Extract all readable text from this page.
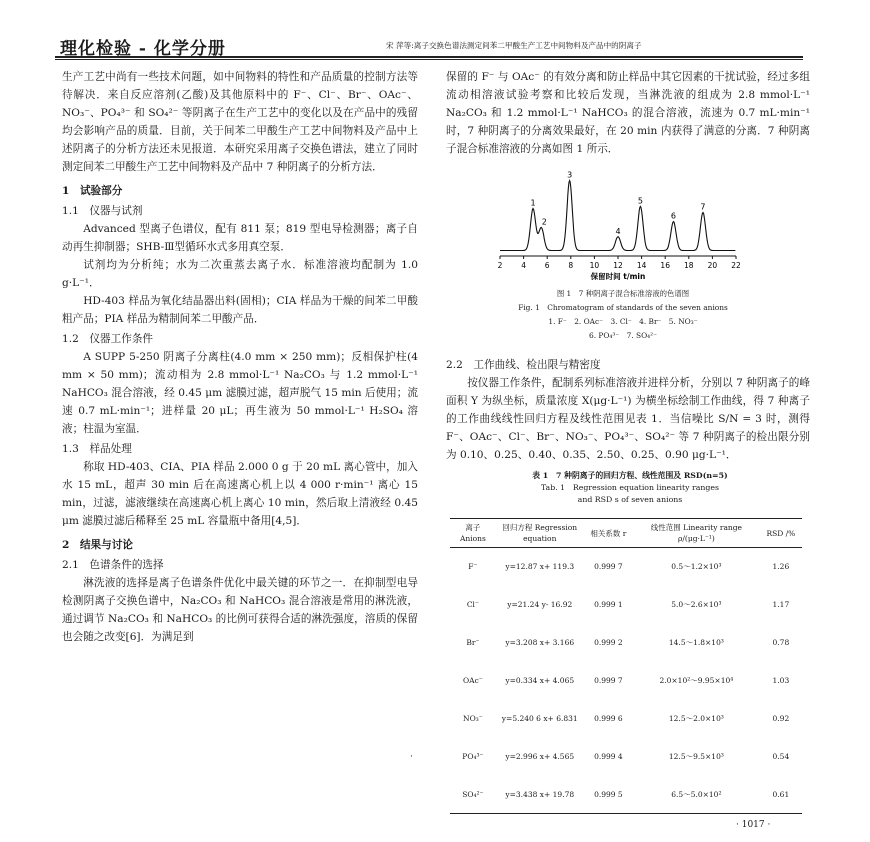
理化检验 - 化学分册	宋 萍等:离子交换色谱法测定间苯二甲酸生产工艺中间物料及产品中的阴离子

生产工艺中尚有一些技术问题，如中间物料的特性和产品质量的控制方法等待解决．来自反应溶剂(乙酸)及其他原料中的 F⁻、Cl⁻、Br⁻、OAc⁻、NO₃⁻、PO₄³⁻ 和 SO₄²⁻ 等阴离子在生产工艺中的变化以及在产品中的残留均会影响产品的质量．目前，关于间苯二甲酸生产工艺中间物料及产品中上述阴离子的分析方法还未见报道．本研究采用离子交换色谱法，建立了同时测定间苯二甲酸生产工艺中间物料及产品中 7 种阴离子的分析方法．

1　试验部分
1.1　仪器与试剂

Advanced 型离子色谱仪，配有 811 泵；819 型电导检测器；离子自动再生抑制器；SHB-Ⅲ型循环水式多用真空泵．

试剂均为分析纯；水为二次重蒸去离子水．标准溶液均配制为 1.0 g·L⁻¹．

HD-403 样品为氧化结晶器出料(固相)；CIA 样品为干燥的间苯二甲酸粗产品；PIA 样品为精制间苯二甲酸产品．

1.2　仪器工作条件

A SUPP 5-250 阴离子分离柱(4.0 mm × 250 mm)；反相保护柱(4 mm × 50 mm)；流动相为 2.8 mmol·L⁻¹ Na₂CO₃ 与 1.2 mmol·L⁻¹ NaHCO₃ 混合溶液，经 0.45 μm 滤膜过滤，超声脱气 15 min 后使用；流速 0.7 mL·min⁻¹；进样量 20 μL；再生液为 50 mmol·L⁻¹ H₂SO₄ 溶液；柱温为室温．

1.3　样品处理

称取 HD-403、CIA、PIA 样品 2.000 0 g 于 20 mL 离心管中，加入水 15 mL，超声 30 min 后在高速离心机上以 4 000 r·min⁻¹ 离心 15 min，过滤，滤液继续在高速离心机上离心 10 min，然后取上清液经 0.45 μm 滤膜过滤后稀释至 25 mL 容量瓶中备用[4,5]．

2　结果与讨论
2.1　色谱条件的选择

淋洗液的选择是离子色谱条件优化中最关键的环节之一．在抑制型电导检测阴离子交换色谱中，Na₂CO₃ 和 NaHCO₃ 混合溶液是常用的淋洗液，通过调节 Na₂CO₃ 和 NaHCO₃ 的比例可获得合适的淋洗强度，溶质的保留也会随之改变[6]．为满足到

保留的 F⁻ 与 OAc⁻ 的有效分离和防止样品中其它因素的干扰试验，经过多组流动相溶液试验考察和比较后发现，当淋洗液的组成为 2.8 mmol·L⁻¹ Na₂CO₃ 和 1.2 mmol·L⁻¹ NaHCO₃ 的混合溶液，流速为 0.7 mL·min⁻¹ 时，7 种阴离子的分离效果最好，在 20 min 内获得了满意的分离．7 种阴离子混合标准溶液的分离如图 1 所示．

2	4	6	8 10 12 14 16 18 20 22
保留时间 t/min
1
2
3
4
5
6
7
图 1　7 种阴离子混合标准溶液的色谱图
Fig. 1　Chromatogram of standards of the seven anions
1. F⁻　2. OAc⁻　3. Cl⁻　4. Br⁻　5. NO₃⁻
6. PO₄³⁻　7. SO₄²⁻
2.2　工作曲线、检出限与精密度

按仪器工作条件，配制系列标准溶液并进样分析，分别以 7 种阴离子的峰面积 Y 为纵坐标，质量浓度 X(μg·L⁻¹) 为横坐标绘制工作曲线，得 7 种离子的工作曲线线性回归方程及线性范围见表 1．当信噪比 S/N = 3 时，测得 F⁻、OAc⁻、Cl⁻、Br⁻、NO₃⁻、PO₄³⁻、SO₄²⁻ 等 7 种阴离子的检出限分别为 0.10、0.25、0.40、0.35、2.50、0.25、0.90 μg·L⁻¹．

表 1　7 种阴离子的回归方程、线性范围及 RSD(n=5)
Tab. 1　Regression equation linearity ranges
and RSD s of seven anions
离子 Anions	回归方程 Regression equation	相关系数 r	线性范围 Linearity range ρ/(μg·L⁻¹)	RSD /%
F⁻	y=12.87 x+ 119.3	0.999 7	0.5～1.2×10³	1.26
Cl⁻	y=21.24 y- 16.92	0.999 1	5.0～2.6×10³	1.17
Br⁻	y=3.208 x+ 3.166	0.999 2	14.5～1.8×10³	0.78
OAc⁻	y=0.334 x+ 4.065	0.999 7	2.0×10²～9.95×10⁴	1.03
NO₃⁻	y=5.240 6 x+ 6.831	0.999 6	12.5～2.0×10³	0.92
PO₄³⁻	y=2.996 x+ 4.565	0.999 4	12.5～9.5×10³	0.54
SO₄²⁻	y=3.438 x+ 19.78	0.999 5	6.5～5.0×10²	0.61
·
· 1017 ·
